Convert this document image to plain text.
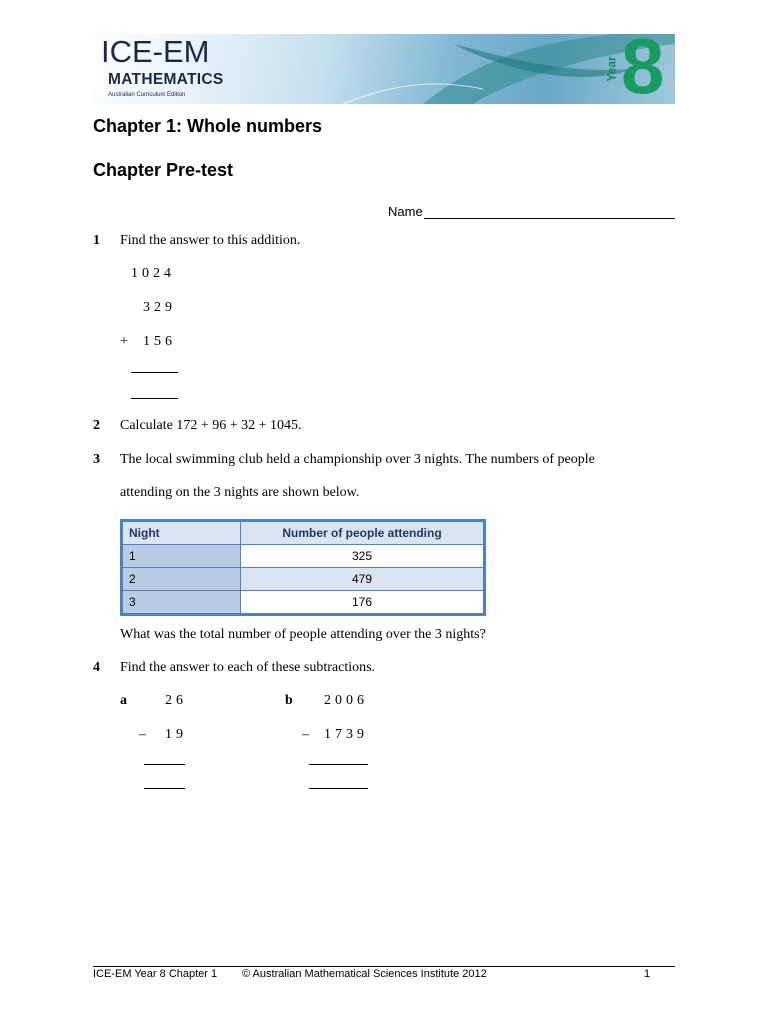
ICE-EM
MATHEMATICS
Australian Curriculum Edition
Year 8
Chapter 1: Whole numbers
Chapter Pre-test
Name
1 Find the answer to this addition.
1024
329
+ 156
2 Calculate 172 + 96 + 32 + 1045.
3 The local swimming club held a championship over 3 nights. The numbers of people
attending on the 3 nights are shown below.
Night	Number of people attending
1	325
2	479
3	176
What was the total number of people attending over the 3 nights?
4 Find the answer to each of these subtractions.
a	26
– 19
b 2006
– 1739
ICE-EM Year 8 Chapter 1 © Australian Mathematical Sciences Institute 2012	1
